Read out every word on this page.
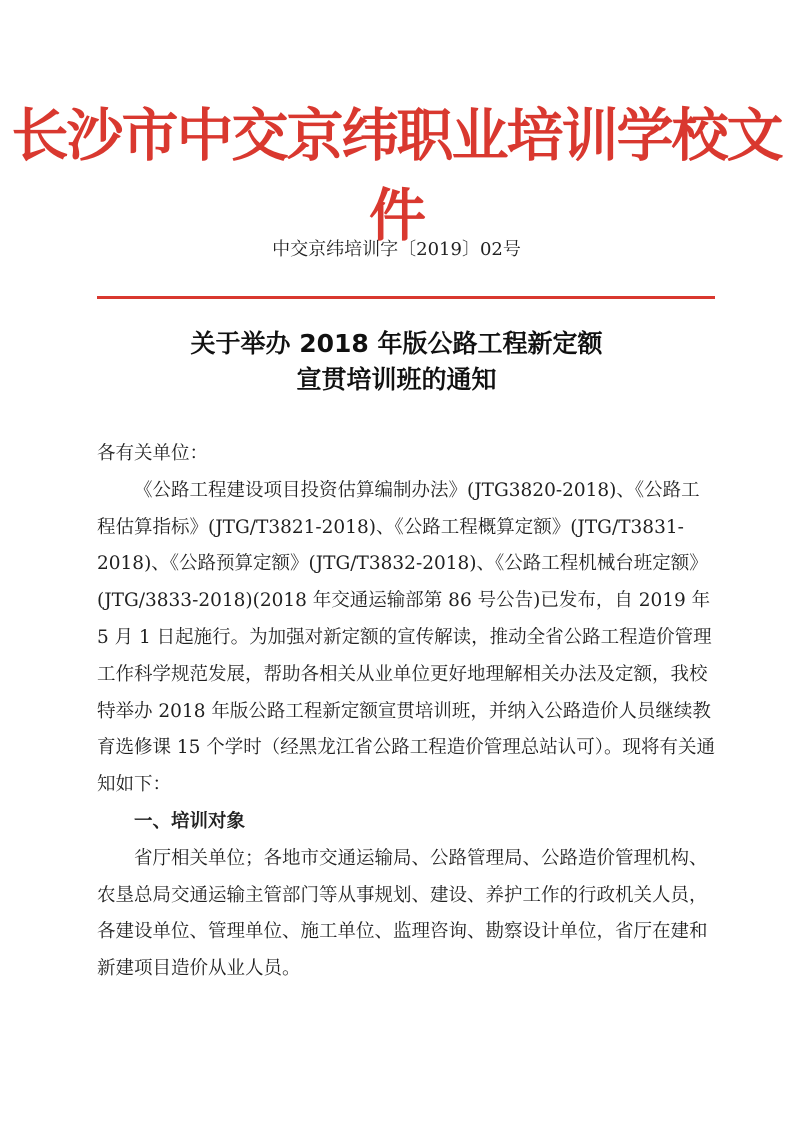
长沙市中交京纬职业培训学校文件
中交京纬培训字〔2019〕02号
关于举办 2018 年版公路工程新定额
宣贯培训班的通知

各有关单位：

《公路工程建设项目投资估算编制办法》(JTG3820-2018)、《公路工程估算指标》(JTG/T3821-2018)、《公路工程概算定额》(JTG/T3831-2018)、《公路预算定额》(JTG/T3832-2018)、《公路工程机械台班定额》(JTG/3833-2018)(2018 年交通运输部第 86 号公告)已发布，自 2019 年 5 月 1 日起施行。为加强对新定额的宣传解读，推动全省公路工程造价管理工作科学规范发展，帮助各相关从业单位更好地理解相关办法及定额，我校特举办 2018 年版公路工程新定额宣贯培训班，并纳入公路造价人员继续教育选修课 15 个学时（经黑龙江省公路工程造价管理总站认可）。现将有关通知如下：

一、培训对象

省厅相关单位；各地市交通运输局、公路管理局、公路造价管理机构、农垦总局交通运输主管部门等从事规划、建设、养护工作的行政机关人员，各建设单位、管理单位、施工单位、监理咨询、勘察设计单位，省厅在建和新建项目造价从业人员。
